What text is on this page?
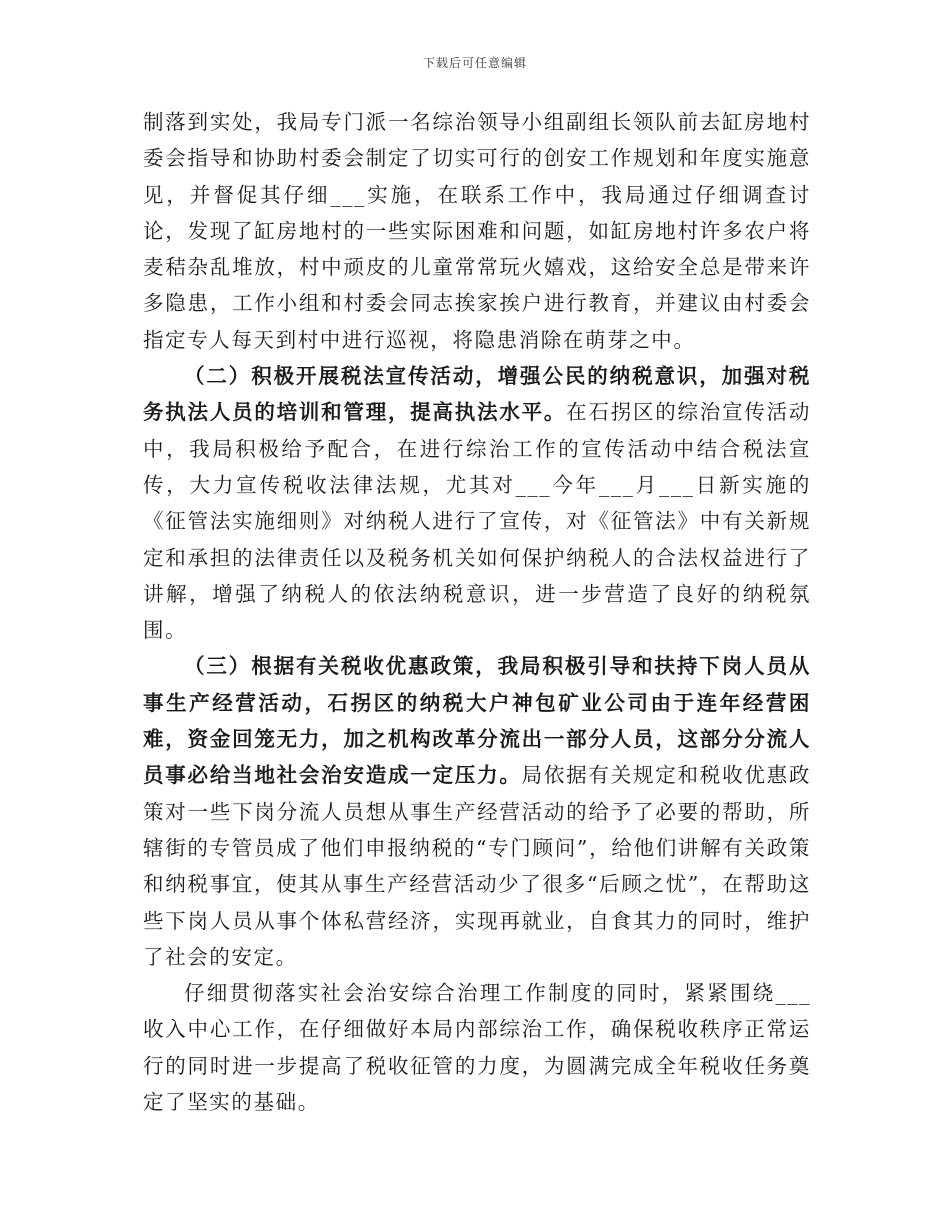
下载后可任意编辑

制落到实处，我局专门派一名综治领导小组副组长领队前去缸房地村委会指导和协助村委会制定了切实可行的创安工作规划和年度实施意见，并督促其仔细___实施，在联系工作中，我局通过仔细调查讨论，发现了缸房地村的一些实际困难和问题，如缸房地村许多农户将麦秸杂乱堆放，村中顽皮的儿童常常玩火嬉戏，这给安全总是带来许多隐患，工作小组和村委会同志挨家挨户进行教育，并建议由村委会指定专人每天到村中进行巡视，将隐患消除在萌芽之中。

（二）积极开展税法宣传活动，增强公民的纳税意识，加强对税务执法人员的培训和管理，提高执法水平。在石拐区的综治宣传活动中，我局积极给予配合，在进行综治工作的宣传活动中结合税法宣传，大力宣传税收法律法规，尤其对___今年___月___日新实施的《征管法实施细则》对纳税人进行了宣传，对《征管法》中有关新规定和承担的法律责任以及税务机关如何保护纳税人的合法权益进行了讲解，增强了纳税人的依法纳税意识，进一步营造了良好的纳税氛围。

（三）根据有关税收优惠政策，我局积极引导和扶持下岗人员从事生产经营活动，石拐区的纳税大户神包矿业公司由于连年经营困难，资金回笼无力，加之机构改革分流出一部分人员，这部分分流人员事必给当地社会治安造成一定压力。局依据有关规定和税收优惠政策对一些下岗分流人员想从事生产经营活动的给予了必要的帮助，所辖街的专管员成了他们申报纳税的“专门顾问”，给他们讲解有关政策和纳税事宜，使其从事生产经营活动少了很多“后顾之忧”，在帮助这些下岗人员从事个体私营经济，实现再就业，自食其力的同时，维护了社会的安定。

仔细贯彻落实社会治安综合治理工作制度的同时，紧紧围绕___收入中心工作，在仔细做好本局内部综治工作，确保税收秩序正常运行的同时进一步提高了税收征管的力度，为圆满完成全年税收任务奠定了坚实的基础。
